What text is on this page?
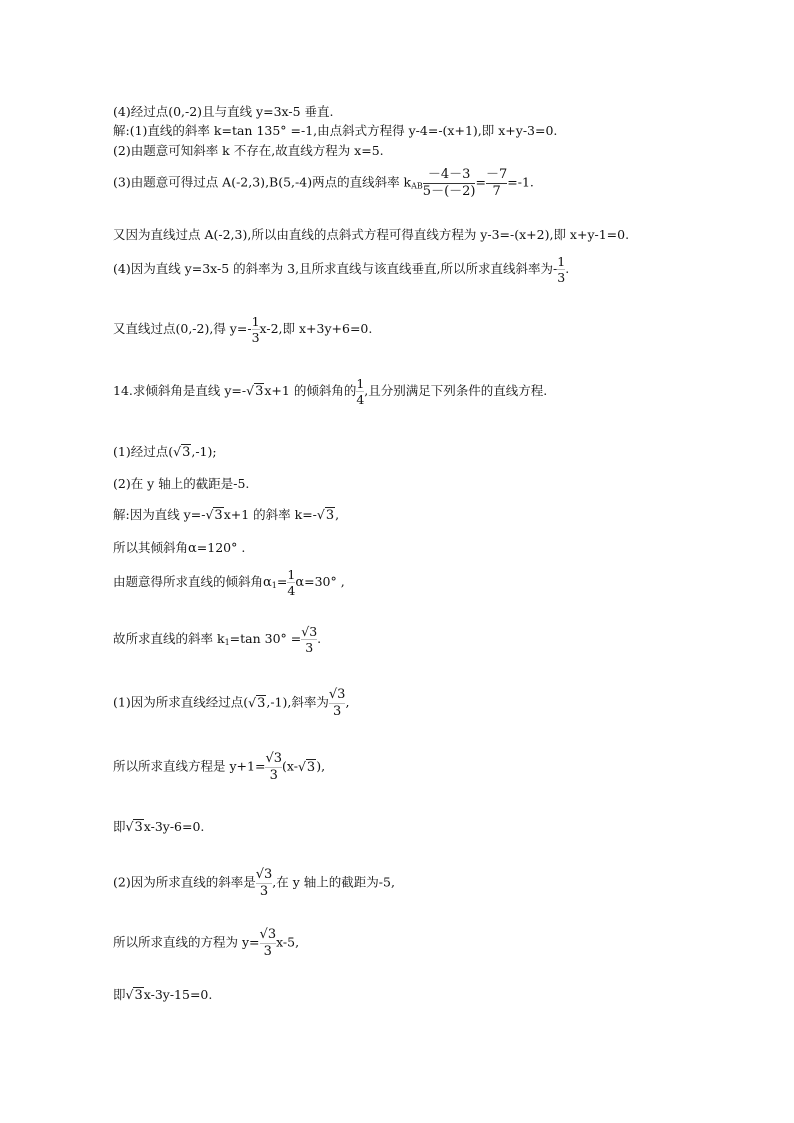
(4)经过点(0,-2)且与直线 y=3x-5 垂直.
解:(1)直线的斜率 k=tan 135° =-1,由点斜式方程得 y-4=-(x+1),即 x+y-3=0.
(2)由题意可知斜率 k 不存在,故直线方程为 x=5.
(3)由题意可得过点 A(-2,3),B(5,-4)两点的直线斜率 $k_{AB} \frac{-4-3}{5-(-2)} = \frac{-7}{7} =-1$.
又因为直线过点 A(-2,3),所以由直线的点斜式方程可得直线方程为 y-3=-(x+2),即 x+y-1=0.
(4)因为直线 y=3x-5 的斜率为 3,且所求直线与该直线垂直,所以所求直线斜率为- $\frac{1}{3}$ .
又直线过点(0,-2),得 $y=- \frac{1}{3} x-2$,即 x+3y+6=0.
14.求倾斜角是直线 y=-√3x+1 的倾斜角的 $\frac{1}{4}$ ,且分别满足下列条件的直线方程.
(1)经过点(√3,-1);
(2)在 y 轴上的截距是-5.
解:因为直线 y=-√3x+1 的斜率 k=-√3,
所以其倾斜角α=120° .
由题意得所求直线的倾斜角$\alpha_1= \frac{1}{4} \alpha=30^\circ$ ,
故所求直线的斜率 $k_1=\tan$ $30^\circ = \frac{√3}{3}$ .
(1)因为所求直线经过点(√3,-1),斜率为 $\frac{√3}{3}$ ,
所以所求直线方程是 $y+1= \frac{√3}{3} (x-√3)$,
即√3x-3y-6=0.
(2)因为所求直线的斜率是 $\frac{√3}{3}$ ,在 y 轴上的截距为-5,
所以所求直线的方程为 $y= \frac{√3}{3} x-5$,
即√3x-3y-15=0.
